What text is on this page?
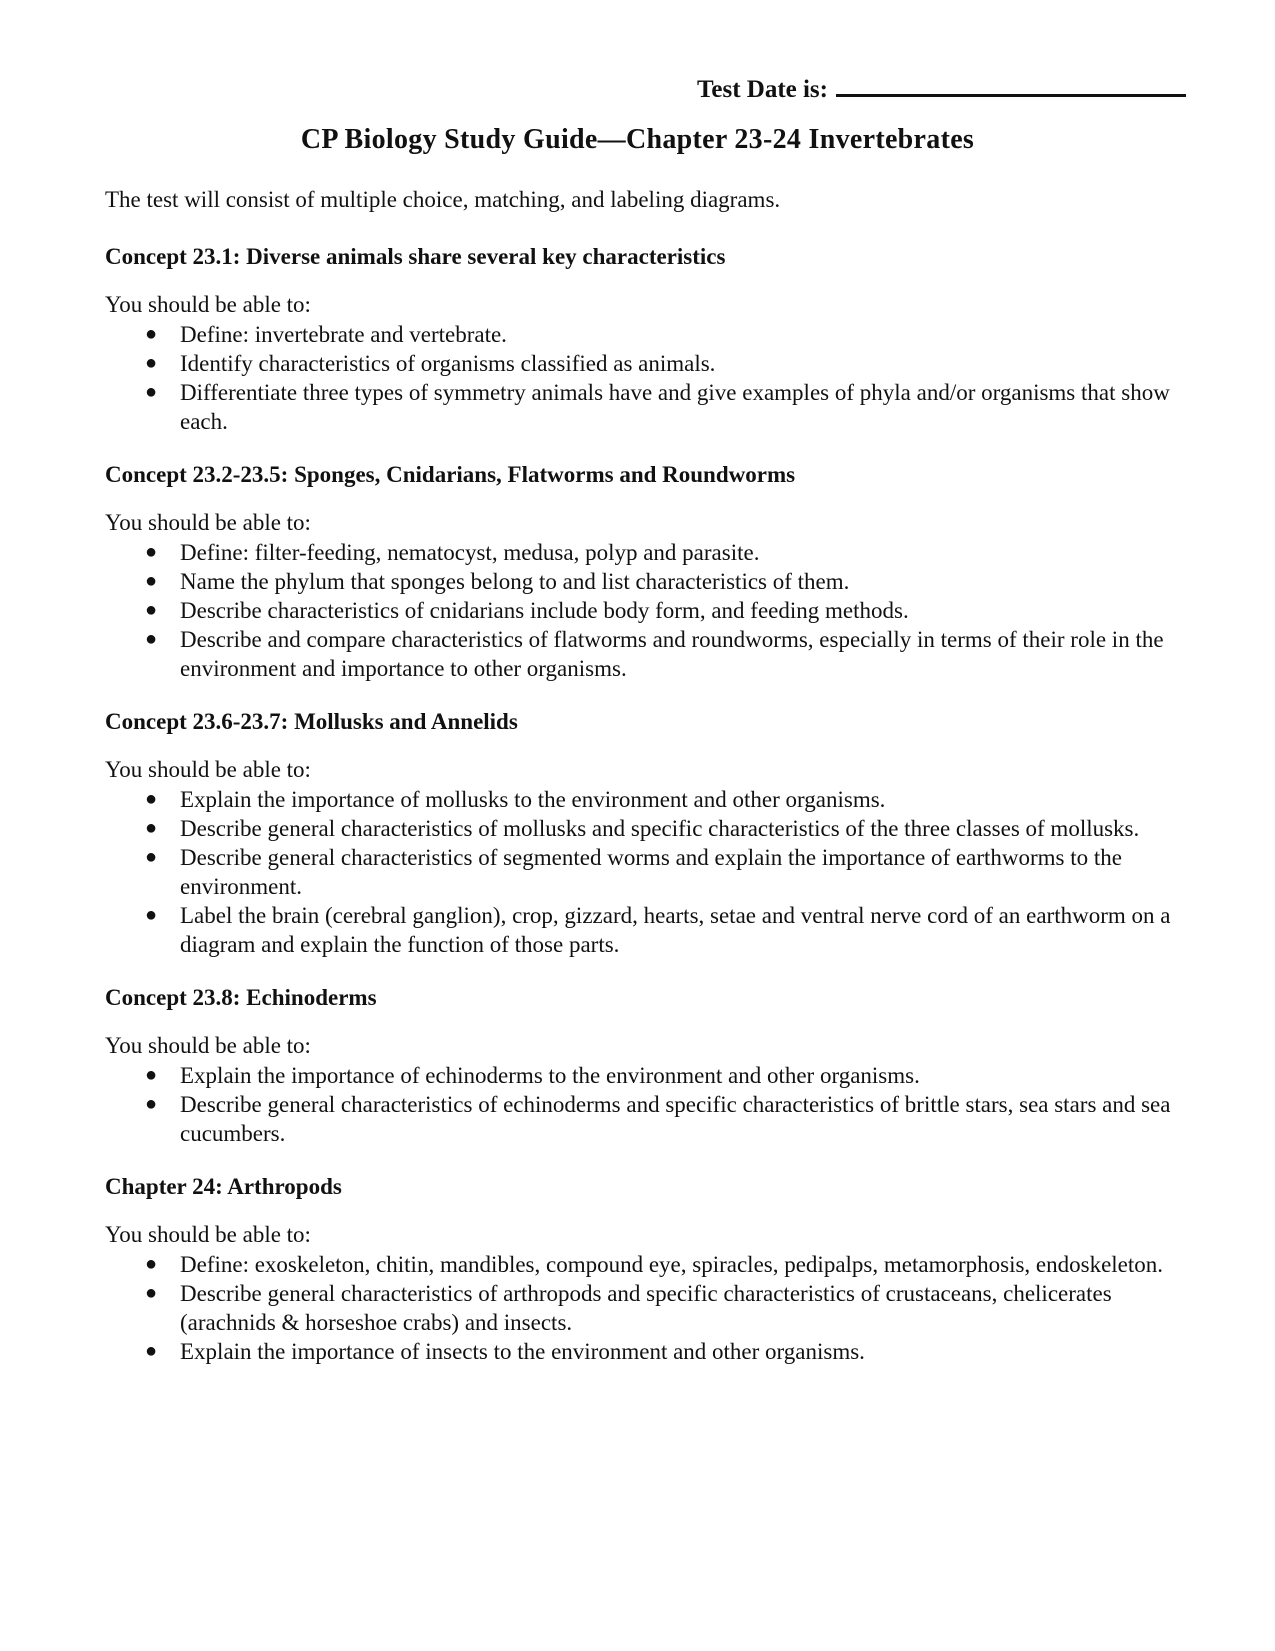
Test Date is:
CP Biology Study Guide—Chapter 23-24 Invertebrates
The test will consist of multiple choice, matching, and labeling diagrams.
Concept 23.1: Diverse animals share several key characteristics

You should be able to:

● Define: invertebrate and vertebrate.
● Identify characteristics of organisms classified as animals.
● Differentiate three types of symmetry animals have and give examples of phyla and/or organisms that show each.
Concept 23.2-23.5: Sponges, Cnidarians, Flatworms and Roundworms

You should be able to:

● Define: filter-feeding, nematocyst, medusa, polyp and parasite.
● Name the phylum that sponges belong to and list characteristics of them.
● Describe characteristics of cnidarians include body form, and feeding methods.
● Describe and compare characteristics of flatworms and roundworms, especially in terms of their role in the environment and importance to other organisms.
Concept 23.6-23.7: Mollusks and Annelids

You should be able to:

● Explain the importance of mollusks to the environment and other organisms.
● Describe general characteristics of mollusks and specific characteristics of the three classes of mollusks.
● Describe general characteristics of segmented worms and explain the importance of earthworms to the environment.
● Label the brain (cerebral ganglion), crop, gizzard, hearts, setae and ventral nerve cord of an earthworm on a diagram and explain the function of those parts.
Concept 23.8: Echinoderms

You should be able to:

● Explain the importance of echinoderms to the environment and other organisms.
● Describe general characteristics of echinoderms and specific characteristics of brittle stars, sea stars and sea cucumbers.
Chapter 24: Arthropods

You should be able to:

● Define: exoskeleton, chitin, mandibles, compound eye, spiracles, pedipalps, metamorphosis, endoskeleton.
● Describe general characteristics of arthropods and specific characteristics of crustaceans, chelicerates (arachnids & horseshoe crabs) and insects.
● Explain the importance of insects to the environment and other organisms.
